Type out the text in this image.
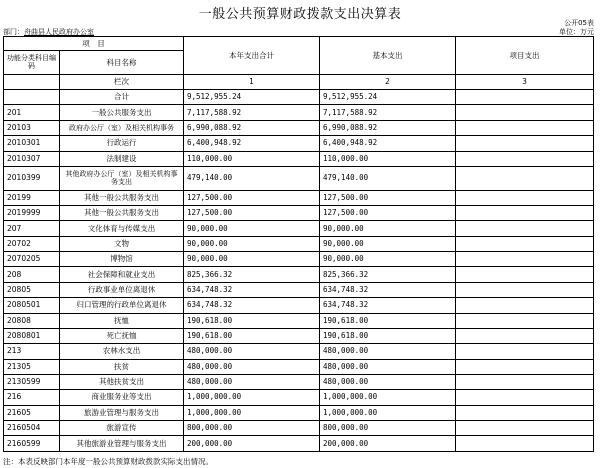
一般公共预算财政拨款支出决算表
公开05表
部门：舟曲县人民政府办公室	单位：万元
项　目		本年支出合计	基本支出	项目支出
功能分类科目编码	科目名称			
	栏次	1	2	3
	合计	9,512,955.24	9,512,955.24	
201	一般公共服务支出	7,117,588.92	7,117,588.92	
20103	政府办公厅（室）及相关机构事务	6,990,088.92	6,990,088.92	
2010301	行政运行	6,400,948.92	6,400,948.92	
2010307	法制建设	110,000.00	110,000.00	
2010399	其他政府办公厅（室）及相关机构事务支出	479,140.00	479,140.00	
20199	其他一般公共服务支出	127,500.00	127,500.00	
2019999	其他一般公共服务支出	127,500.00	127,500.00	
207	文化体育与传媒支出	90,000.00	90,000.00	
20702	文物	90,000.00	90,000.00	
2070205	博物馆	90,000.00	90,000.00	
208	社会保障和就业支出	825,366.32	825,366.32	
20805	行政事业单位离退休	634,748.32	634,748.32	
2080501	归口管理的行政单位离退休	634,748.32	634,748.32	
20808	抚恤	190,618.00	190,618.00	
2080801	死亡抚恤	190,618.00	190,618.00	
213	农林水支出	480,000.00	480,000.00	
21305	扶贫	480,000.00	480,000.00	
2130599	其他扶贫支出	480,000.00	480,000.00	
216	商业服务业等支出	1,000,000.00	1,000,000.00	
21605	旅游业管理与服务支出	1,000,000.00	1,000,000.00	
2160504	旅游宣传	800,000.00	800,000.00	
2160599	其他旅游业管理与服务支出	200,000.00	200,000.00	
注：本表反映部门本年度一般公共预算财政拨款实际支出情况。
